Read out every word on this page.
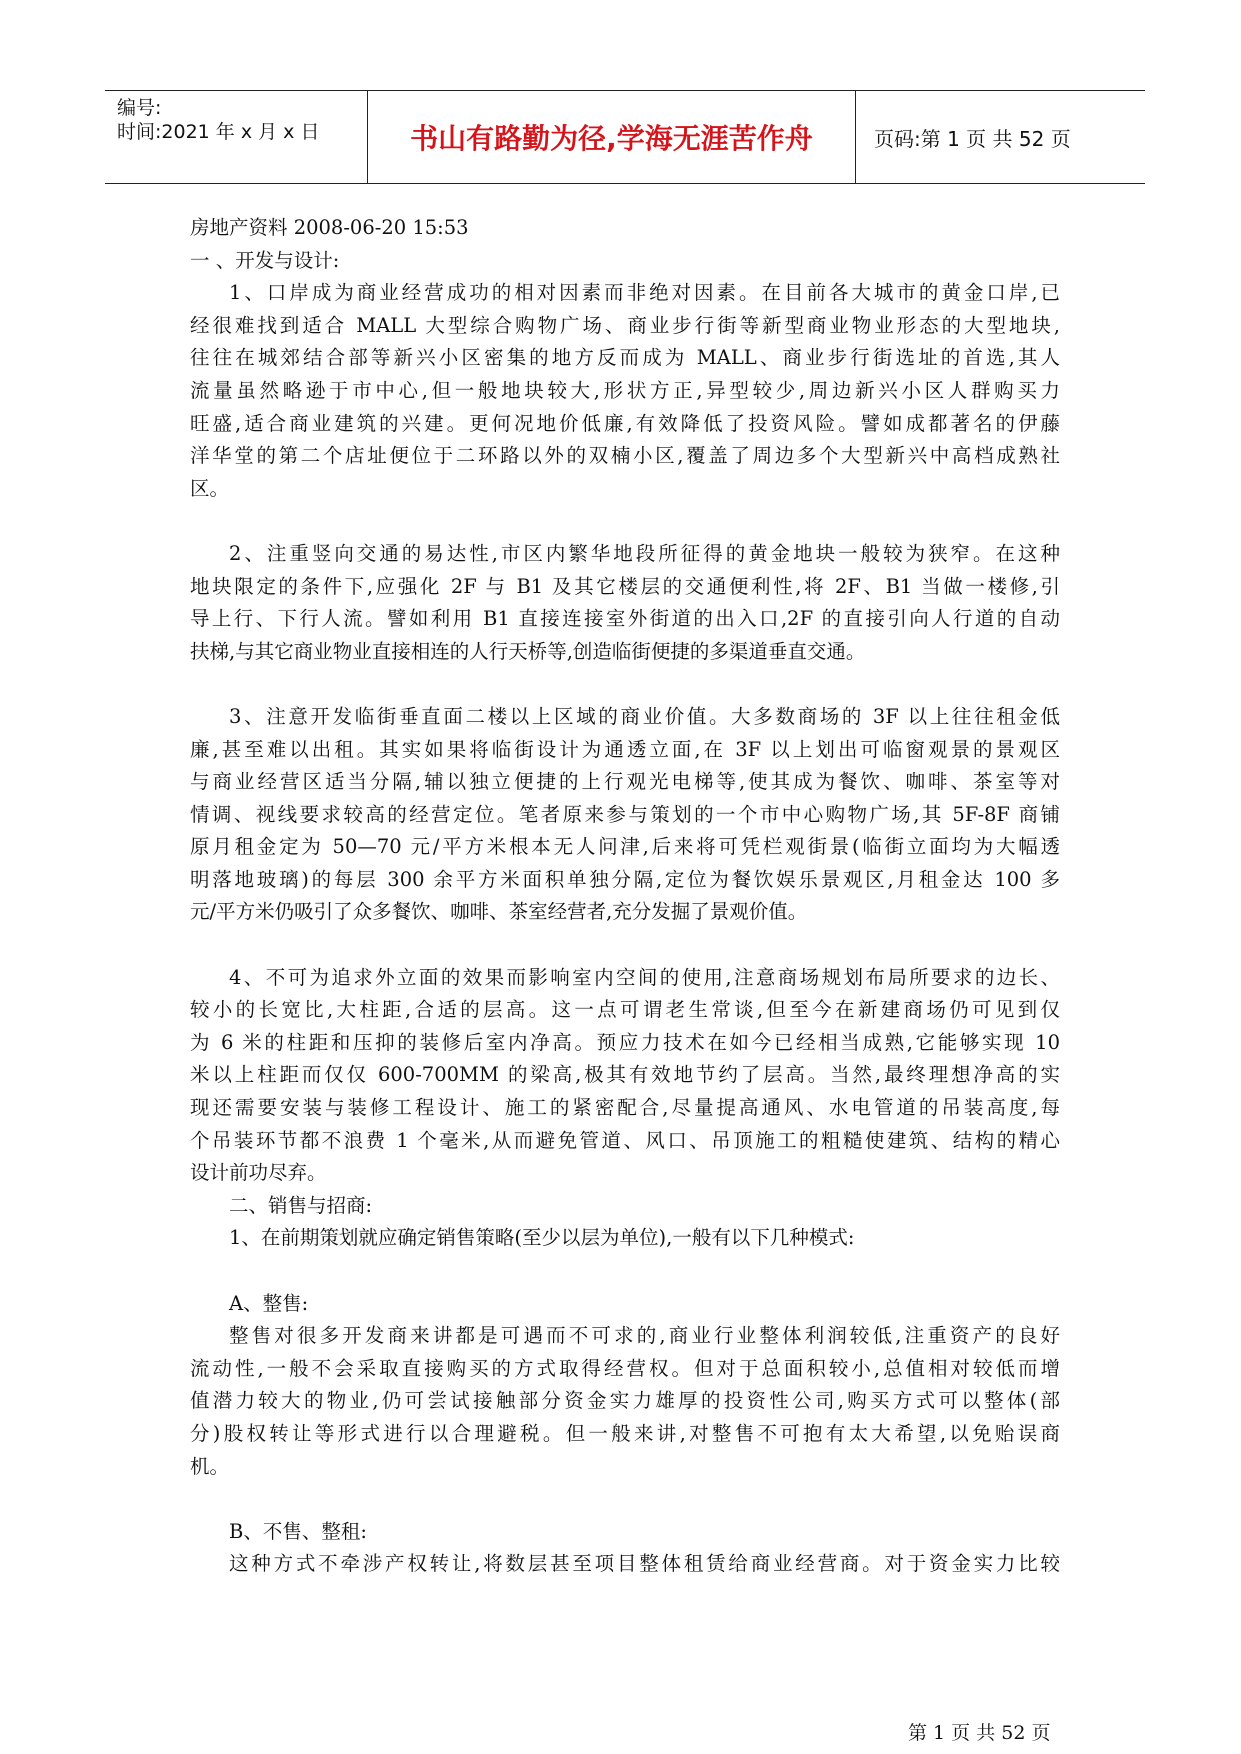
编号:
时间:2021 年 x 月 x 日	书山有路勤为径,学海无涯苦作舟	页码:第 1 页 共 52 页
房地产资料 2008-06-20 15:53
一 、开发与设计:
1、口岸成为商业经营成功的相对因素而非绝对因素。在目前各大城市的黄金口岸,已
经很难找到适合 MALL 大型综合购物广场、商业步行街等新型商业物业形态的大型地块,
往往在城郊结合部等新兴小区密集的地方反而成为 MALL、商业步行街选址的首选,其人
流量虽然略逊于市中心,但一般地块较大,形状方正,异型较少,周边新兴小区人群购买力
旺盛,适合商业建筑的兴建。更何况地价低廉,有效降低了投资风险。譬如成都著名的伊藤
洋华堂的第二个店址便位于二环路以外的双楠小区,覆盖了周边多个大型新兴中高档成熟社
区。
2、注重竖向交通的易达性,市区内繁华地段所征得的黄金地块一般较为狭窄。在这种
地块限定的条件下,应强化 2F 与 B1 及其它楼层的交通便利性,将 2F、B1 当做一楼修,引
导上行、下行人流。譬如利用 B1 直接连接室外街道的出入口,2F 的直接引向人行道的自动
扶梯,与其它商业物业直接相连的人行天桥等,创造临街便捷的多渠道垂直交通。
3、注意开发临街垂直面二楼以上区域的商业价值。大多数商场的 3F 以上往往租金低
廉,甚至难以出租。其实如果将临街设计为通透立面,在 3F 以上划出可临窗观景的景观区
与商业经营区适当分隔,辅以独立便捷的上行观光电梯等,使其成为餐饮、咖啡、茶室等对
情调、视线要求较高的经营定位。笔者原来参与策划的一个市中心购物广场,其 5F-8F 商铺
原月租金定为 50—70 元/平方米根本无人问津,后来将可凭栏观街景(临街立面均为大幅透
明落地玻璃)的每层 300 余平方米面积单独分隔,定位为餐饮娱乐景观区,月租金达 100 多
元/平方米仍吸引了众多餐饮、咖啡、茶室经营者,充分发掘了景观价值。
4、不可为追求外立面的效果而影响室内空间的使用,注意商场规划布局所要求的边长、
较小的长宽比,大柱距,合适的层高。这一点可谓老生常谈,但至今在新建商场仍可见到仅
为 6 米的柱距和压抑的装修后室内净高。预应力技术在如今已经相当成熟,它能够实现 10
米以上柱距而仅仅 600-700MM 的梁高,极其有效地节约了层高。当然,最终理想净高的实
现还需要安装与装修工程设计、施工的紧密配合,尽量提高通风、水电管道的吊装高度,每
个吊装环节都不浪费 1 个毫米,从而避免管道、风口、吊顶施工的粗糙使建筑、结构的精心
设计前功尽弃。
二、销售与招商:
1、在前期策划就应确定销售策略(至少以层为单位),一般有以下几种模式:
A、整售:
整售对很多开发商来讲都是可遇而不可求的,商业行业整体利润较低,注重资产的良好
流动性,一般不会采取直接购买的方式取得经营权。但对于总面积较小,总值相对较低而增
值潜力较大的物业,仍可尝试接触部分资金实力雄厚的投资性公司,购买方式可以整体(部
分)股权转让等形式进行以合理避税。但一般来讲,对整售不可抱有太大希望,以免贻误商
机。
B、不售、整租:
这种方式不牵涉产权转让,将数层甚至项目整体租赁给商业经营商。对于资金实力比较
第 1 页 共 52 页
